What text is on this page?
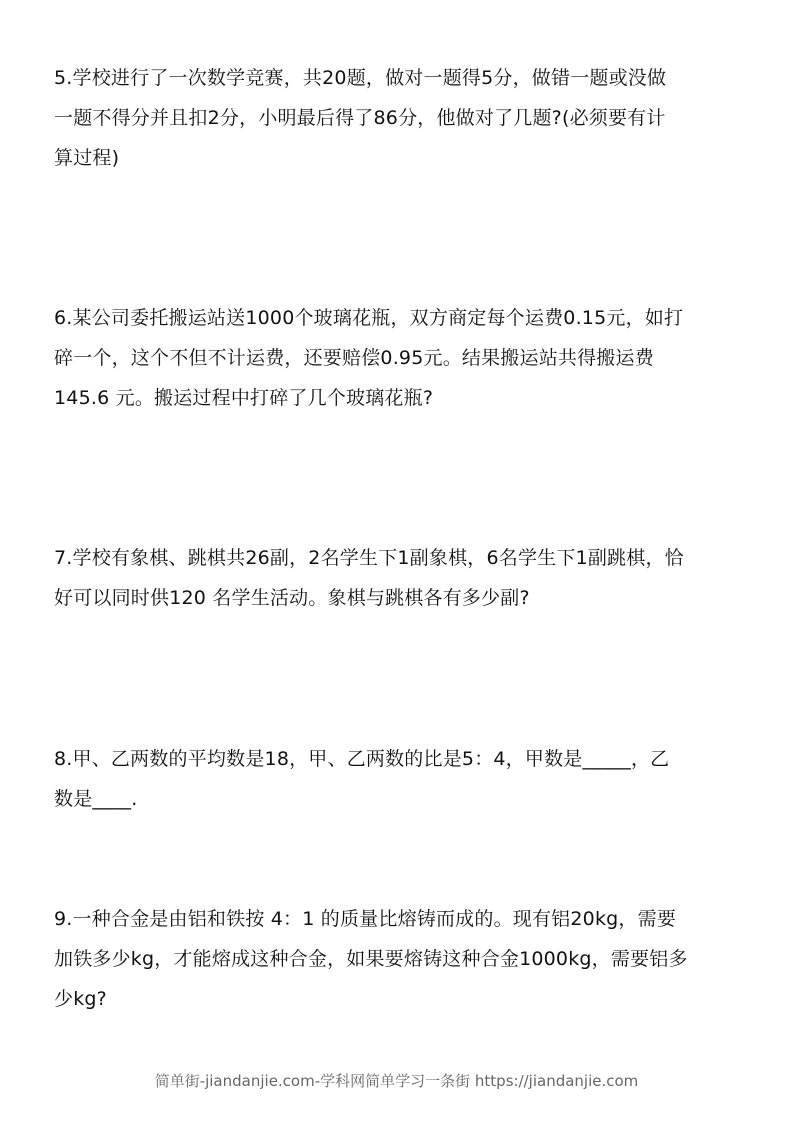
5.学校进行了一次数学竞赛，共20题，做对一题得5分，做错一题或没做
一题不得分并且扣2分，小明最后得了86分，他做对了几题?(必须要有计
算过程)
6.某公司委托搬运站送1000个玻璃花瓶，双方商定每个运费0.15元，如打
碎一个，这个不但不计运费，还要赔偿0.95元。结果搬运站共得搬运费
145.6 元。搬运过程中打碎了几个玻璃花瓶?
7.学校有象棋、跳棋共26副，2名学生下1副象棋，6名学生下1副跳棋，恰
好可以同时供120 名学生活动。象棋与跳棋各有多少副?
8.甲、乙两数的平均数是18，甲、乙两数的比是5：4，甲数是_____，乙
数是____.
9.一种合金是由铝和铁按 4：1 的质量比熔铸而成的。现有铝20kg，需要
加铁多少kg，才能熔成这种合金，如果要熔铸这种合金1000kg，需要铝多
少kg?
简单街-jiandanjie.com-学科网简单学习一条街 https://jiandanjie.com
